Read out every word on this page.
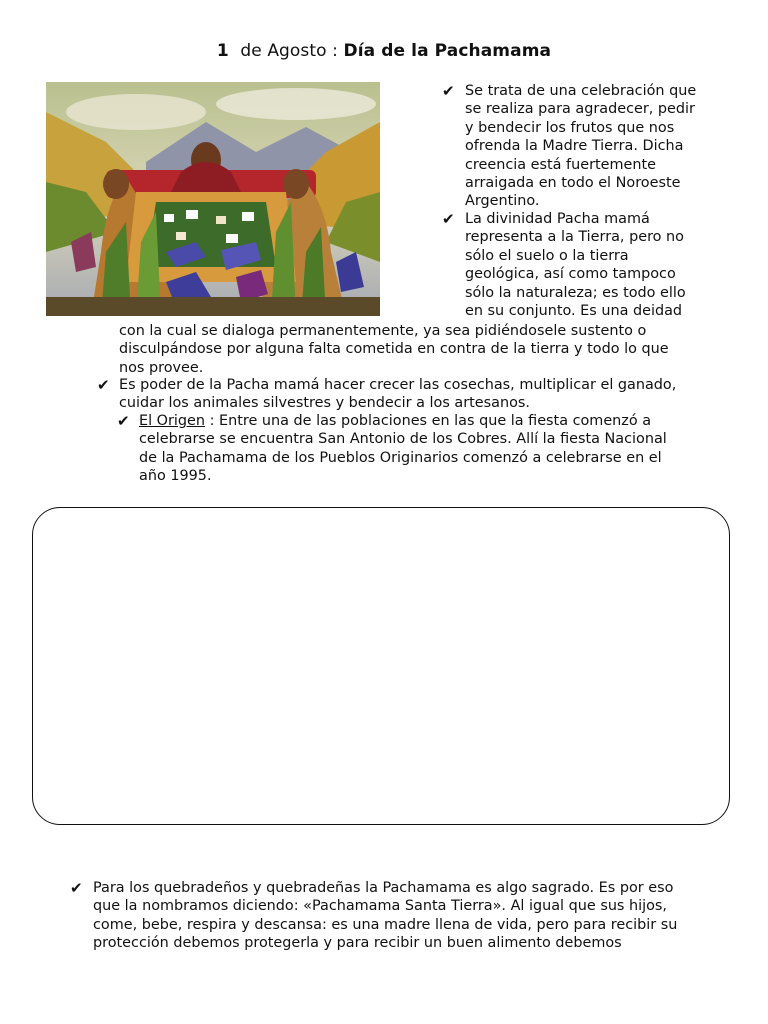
1 de Agosto : Día de la Pachamama
✔ Se trata de una celebración que
se realiza para agradecer, pedir
y bendecir los frutos que nos
ofrenda la Madre Tierra. Dicha
creencia está fuertemente
arraigada en todo el Noroeste
Argentino.
✔ La divinidad Pacha mamá
representa a la Tierra, pero no
sólo el suelo o la tierra
geológica, así como tampoco
sólo la naturaleza; es todo ello
en su conjunto. Es una deidad
con la cual se dialoga permanentemente, ya sea pidiéndosele sustento o
disculpándose por alguna falta cometida en contra de la tierra y todo lo que
nos provee.
✔ Es poder de la Pacha mamá hacer crecer las cosechas, multiplicar el ganado,
cuidar los animales silvestres y bendecir a los artesanos.
✔ El Origen : Entre una de las poblaciones en las que la fiesta comenzó a
celebrarse se encuentra San Antonio de los Cobres. Allí la fiesta Nacional
de la Pachamama de los Pueblos Originarios comenzó a celebrarse en el
año 1995.
✔ Para los quebradeños y quebradeñas la Pachamama es algo sagrado. Es por eso
que la nombramos diciendo: «Pachamama Santa Tierra». Al igual que sus hijos,
come, bebe, respira y descansa: es una madre llena de vida, pero para recibir su
protección debemos protegerla y para recibir un buen alimento debemos
